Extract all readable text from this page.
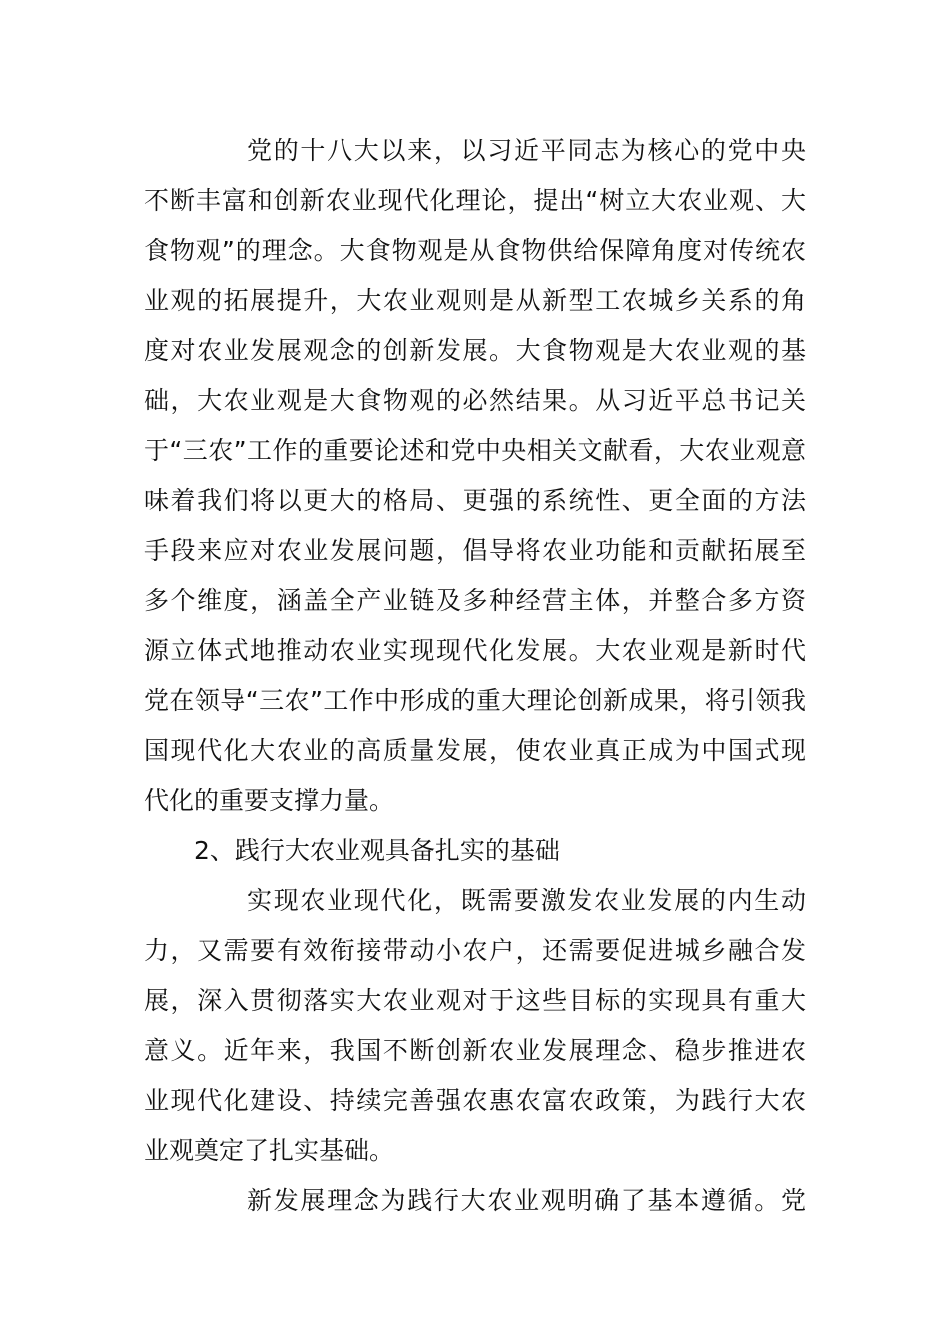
党的十八大以来，以习近平同志为核心的党中央
不断丰富和创新农业现代化理论，提出“树立大农业观、大
食物观”的理念。大食物观是从食物供给保障角度对传统农
业观的拓展提升，大农业观则是从新型工农城乡关系的角
度对农业发展观念的创新发展。大食物观是大农业观的基
础，大农业观是大食物观的必然结果。从习近平总书记关
于“三农”工作的重要论述和党中央相关文献看，大农业观意
味着我们将以更大的格局、更强的系统性、更全面的方法
手段来应对农业发展问题，倡导将农业功能和贡献拓展至
多个维度，涵盖全产业链及多种经营主体，并整合多方资
源立体式地推动农业实现现代化发展。大农业观是新时代
党在领导“三农”工作中形成的重大理论创新成果，将引领我
国现代化大农业的高质量发展，使农业真正成为中国式现
代化的重要支撑力量。
2、践行大农业观具备扎实的基础
实现农业现代化，既需要激发农业发展的内生动
力，又需要有效衔接带动小农户，还需要促进城乡融合发
展，深入贯彻落实大农业观对于这些目标的实现具有重大
意义。近年来，我国不断创新农业发展理念、稳步推进农
业现代化建设、持续完善强农惠农富农政策，为践行大农
业观奠定了扎实基础。
新发展理念为践行大农业观明确了基本遵循。党
